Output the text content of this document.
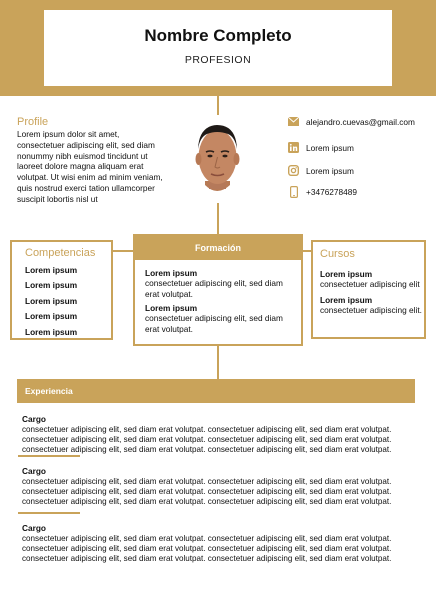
Nombre Completo
PROFESION
Profile
Lorem ipsum dolor sit amet, consectetuer adipiscing elit, sed diam nonummy nibh euismod tincidunt ut laoreet dolore magna aliquam erat volutpat. Ut wisi enim ad minim veniam, quis nostrud exerci tation ullamcorper suscipit lobortis nisl ut
alejandro.cuevas@gmail.com
Lorem ipsum
Lorem ipsum
+3476278489
Competencias
Lorem ipsum
Lorem ipsum
Lorem ipsum
Lorem ipsum
Lorem ipsum
Formación
Lorem ipsum
consectetuer adipiscing elit, sed diam erat volutpat.
Lorem ipsum
consectetuer adipiscing elit, sed diam erat volutpat.
Cursos
Lorem ipsum
consectetuer adipiscing elit
Lorem ipsum
consectetuer adipiscing elit.
Experiencia
Cargo
consectetuer adipiscing elit, sed diam erat volutpat. consectetuer adipiscing elit, sed diam erat volutpat.
consectetuer adipiscing elit, sed diam erat volutpat. consectetuer adipiscing elit, sed diam erat volutpat.
consectetuer adipiscing elit, sed diam erat volutpat. consectetuer adipiscing elit, sed diam erat volutpat.
Cargo
consectetuer adipiscing elit, sed diam erat volutpat. consectetuer adipiscing elit, sed diam erat volutpat.
consectetuer adipiscing elit, sed diam erat volutpat. consectetuer adipiscing elit, sed diam erat volutpat.
consectetuer adipiscing elit, sed diam erat volutpat. consectetuer adipiscing elit, sed diam erat volutpat.
Cargo
consectetuer adipiscing elit, sed diam erat volutpat. consectetuer adipiscing elit, sed diam erat volutpat.
consectetuer adipiscing elit, sed diam erat volutpat. consectetuer adipiscing elit, sed diam erat volutpat.
consectetuer adipiscing elit, sed diam erat volutpat. consectetuer adipiscing elit, sed diam erat volutpat.
